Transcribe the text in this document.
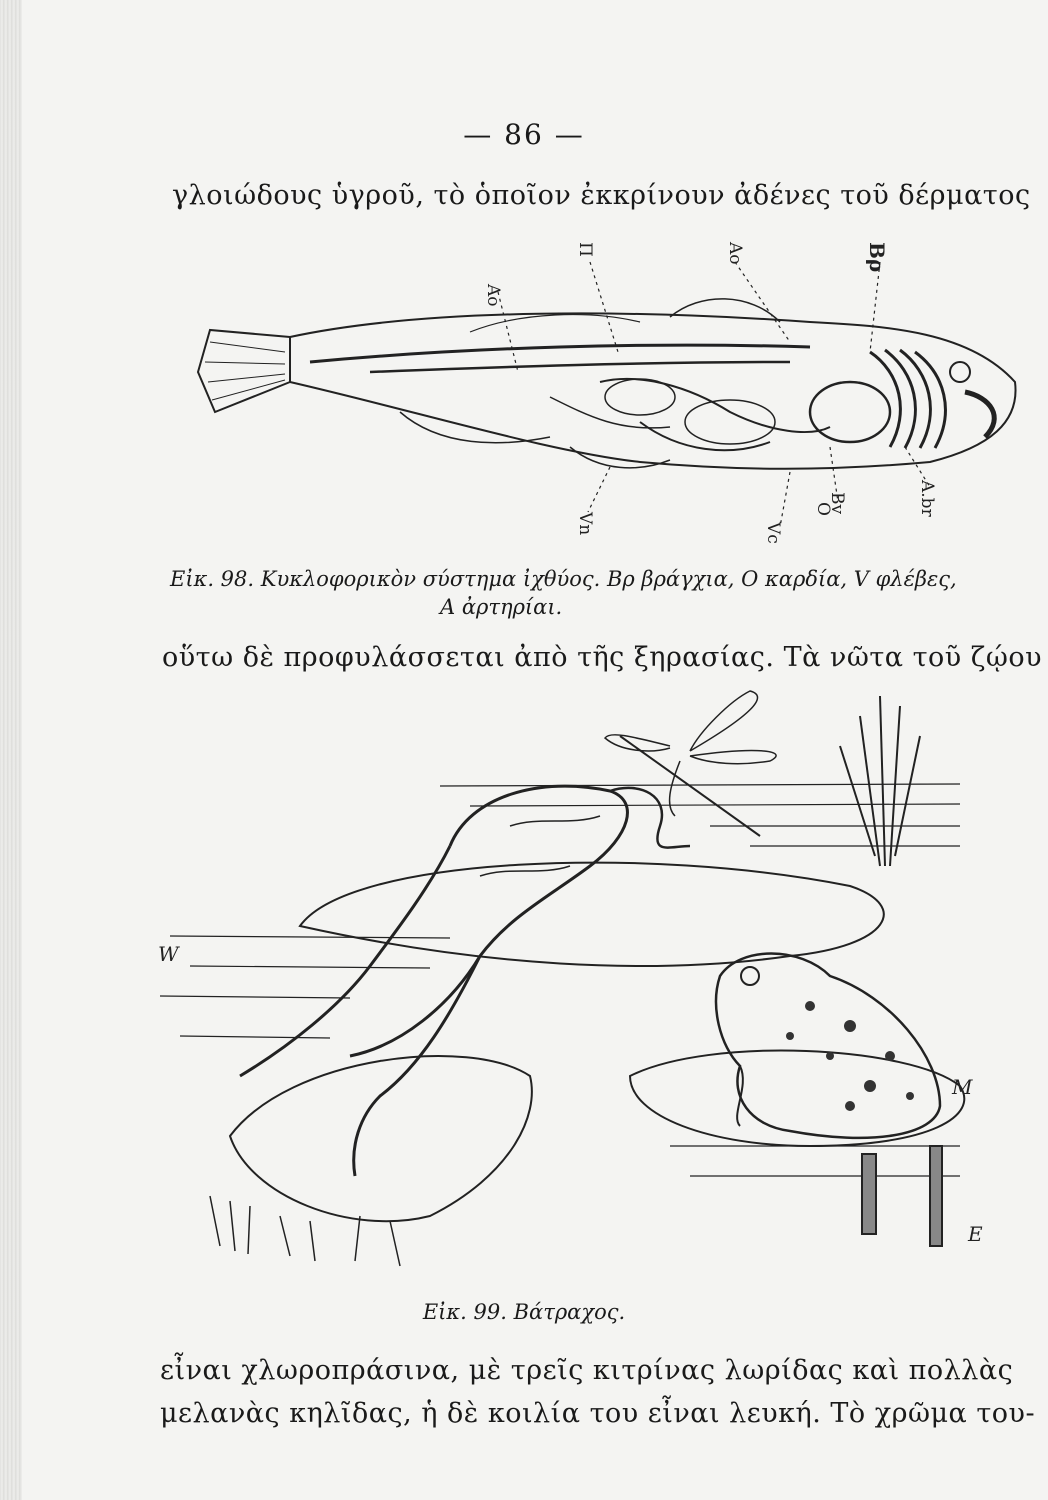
— 86 —
γλοιώδους ὑγροῦ, τὸ ὁποῖον ἐκκρίνουν ἀδένες τοῦ δέρματος
Ao
Π	Ao	Bρ
Vn	Vc
Bv
O	A.br
Εἰκ. 98. Κυκλοφορικὸν σύστημα ἰχθύος. Βρ βράγχια, Ο καρδία, V φλέβες,
Α ἀρτηρίαι.
οὕτω δὲ προφυλάσσεται ἀπὸ τῆς ξηρασίας. Τὰ νῶτα τοῦ ζῴου
W
M
E
Εἰκ. 99. Βάτραχος.
εἶναι χλωροπράσινα, μὲ τρεῖς κιτρίνας λωρίδας καὶ πολλὰς
μελανὰς κηλῖδας, ἡ δὲ κοιλία του εἶναι λευκή. Τὸ χρῶμα του-
